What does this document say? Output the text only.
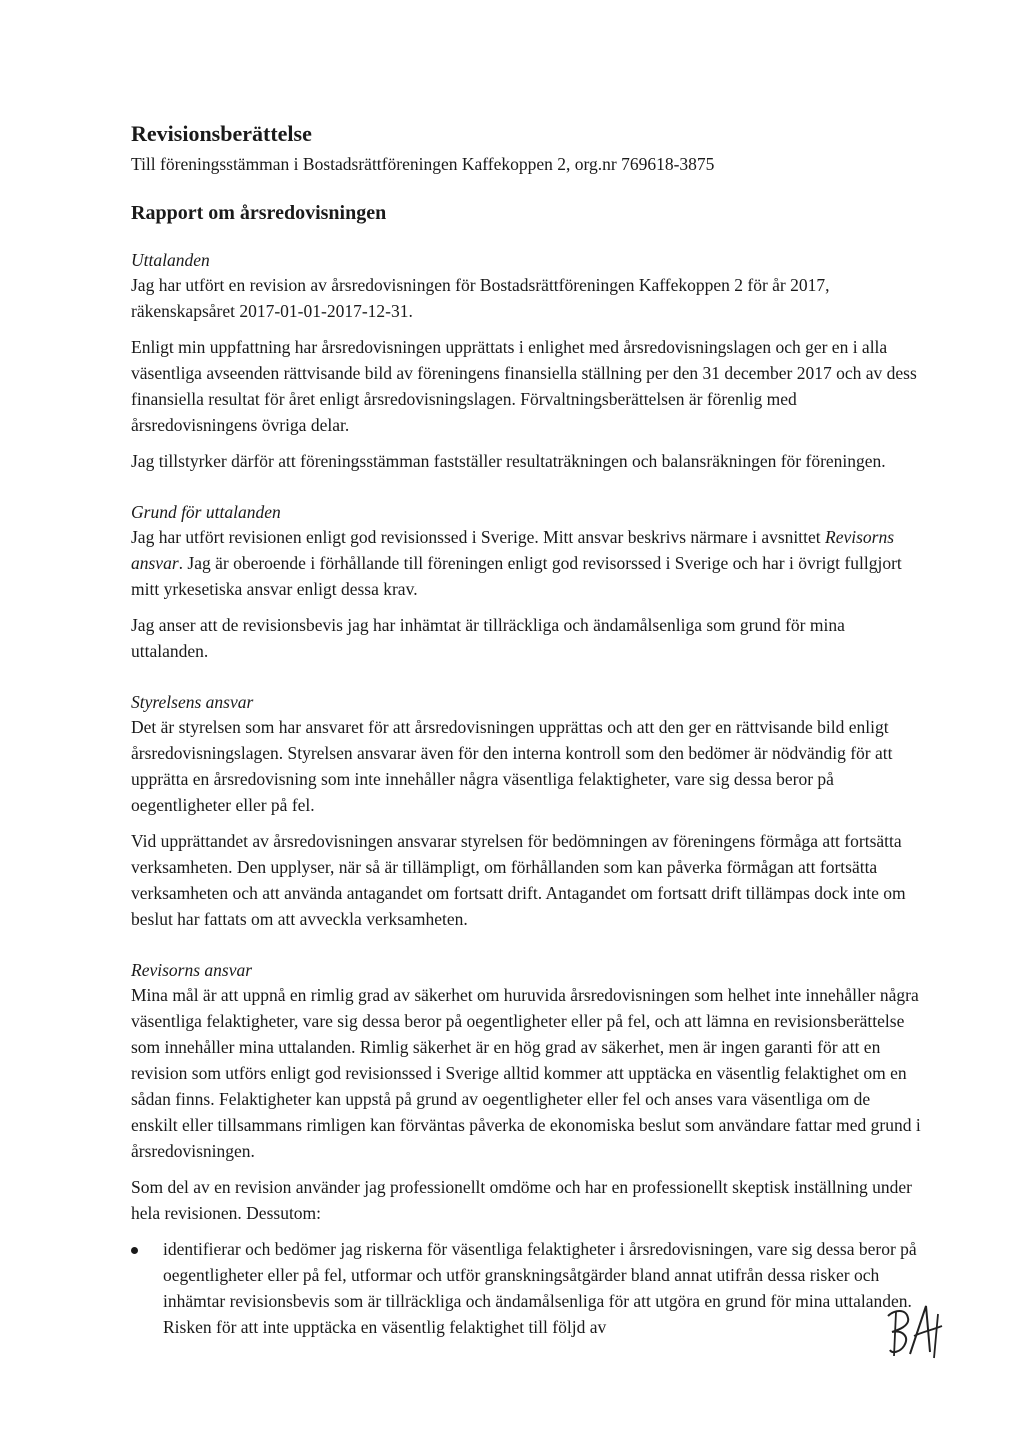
Revisionsberättelse

Till föreningsstämman i Bostadsrättföreningen Kaffekoppen 2, org.nr 769618-3875

Rapport om årsredovisningen

Uttalanden

Jag har utfört en revision av årsredovisningen för Bostadsrättföreningen Kaffekoppen 2 för år 2017, räkenskapsåret 2017-01-01-2017-12-31.

Enligt min uppfattning har årsredovisningen upprättats i enlighet med årsredovisningslagen och ger en i alla väsentliga avseenden rättvisande bild av föreningens finansiella ställning per den 31 december 2017 och av dess finansiella resultat för året enligt årsredovisningslagen. Förvaltningsberättelsen är förenlig med årsredovisningens övriga delar.

Jag tillstyrker därför att föreningsstämman fastställer resultaträkningen och balansräkningen för föreningen.

Grund för uttalanden

Jag har utfört revisionen enligt god revisionssed i Sverige. Mitt ansvar beskrivs närmare i avsnittet Revisorns ansvar. Jag är oberoende i förhållande till föreningen enligt god revisorssed i Sverige och har i övrigt fullgjort mitt yrkesetiska ansvar enligt dessa krav.

Jag anser att de revisionsbevis jag har inhämtat är tillräckliga och ändamålsenliga som grund för mina uttalanden.

Styrelsens ansvar

Det är styrelsen som har ansvaret för att årsredovisningen upprättas och att den ger en rättvisande bild enligt årsredovisningslagen. Styrelsen ansvarar även för den interna kontroll som den bedömer är nödvändig för att upprätta en årsredovisning som inte innehåller några väsentliga felaktigheter, vare sig dessa beror på oegentligheter eller på fel.

Vid upprättandet av årsredovisningen ansvarar styrelsen för bedömningen av föreningens förmåga att fortsätta verksamheten. Den upplyser, när så är tillämpligt, om förhållanden som kan påverka förmågan att fortsätta verksamheten och att använda antagandet om fortsatt drift. Antagandet om fortsatt drift tillämpas dock inte om beslut har fattats om att avveckla verksamheten.

Revisorns ansvar

Mina mål är att uppnå en rimlig grad av säkerhet om huruvida årsredovisningen som helhet inte innehåller några väsentliga felaktigheter, vare sig dessa beror på oegentligheter eller på fel, och att lämna en revisionsberättelse som innehåller mina uttalanden. Rimlig säkerhet är en hög grad av säkerhet, men är ingen garanti för att en revision som utförs enligt god revisionssed i Sverige alltid kommer att upptäcka en väsentlig felaktighet om en sådan finns. Felaktigheter kan uppstå på grund av oegentligheter eller fel och anses vara väsentliga om de enskilt eller tillsammans rimligen kan förväntas påverka de ekonomiska beslut som användare fattar med grund i årsredovisningen.

Som del av en revision använder jag professionellt omdöme och har en professionellt skeptisk inställning under hela revisionen. Dessutom:

identifierar och bedömer jag riskerna för väsentliga felaktigheter i årsredovisningen, vare sig dessa beror på oegentligheter eller på fel, utformar och utför granskningsåtgärder bland annat utifrån dessa risker och inhämtar revisionsbevis som är tillräckliga och ändamålsenliga för att utgöra en grund för mina uttalanden. Risken för att inte upptäcka en väsentlig felaktighet till följd av
